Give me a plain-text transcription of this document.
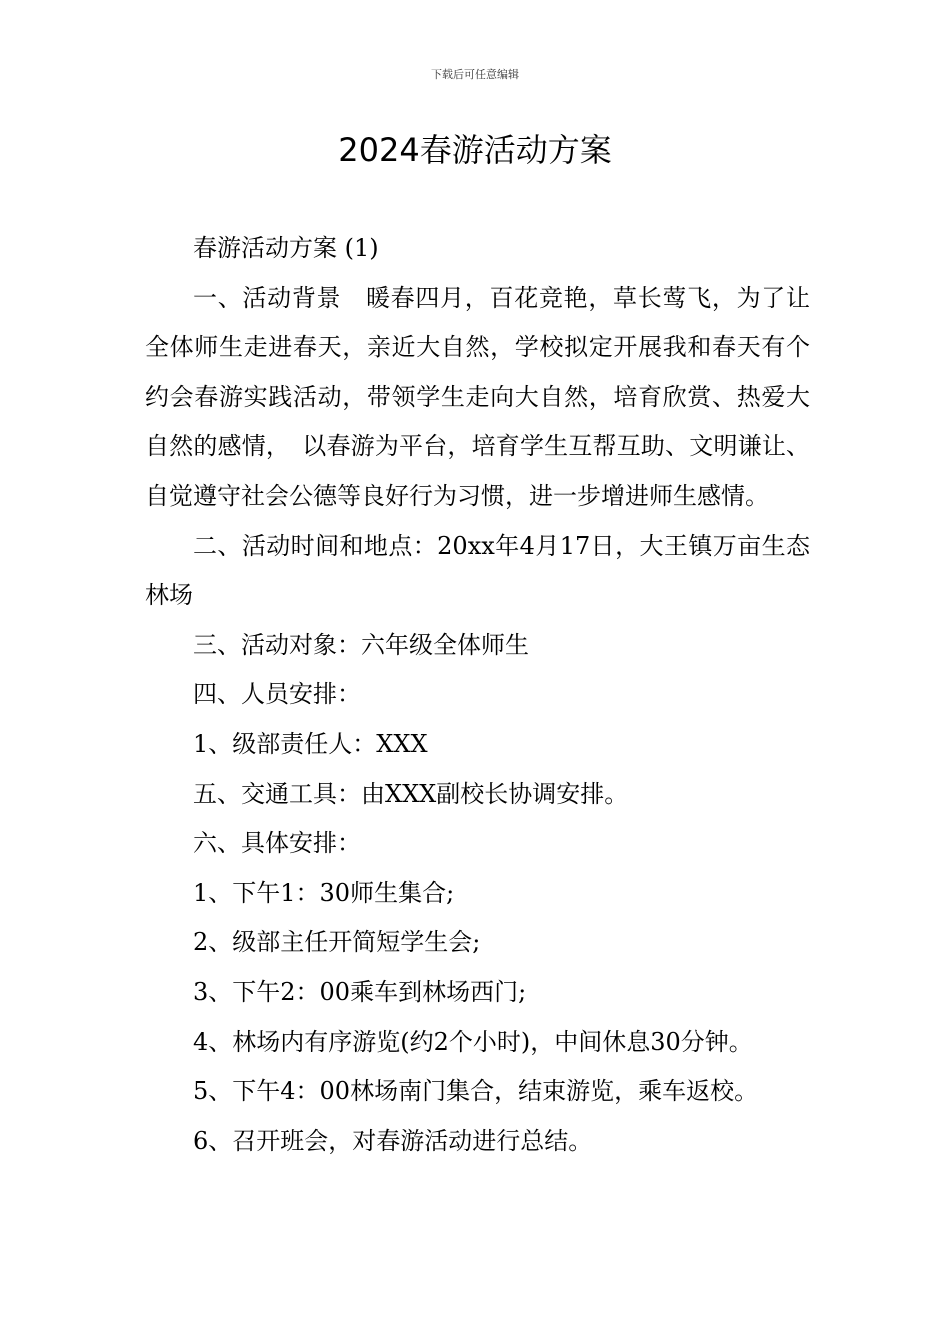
下载后可任意编辑
2024春游活动方案

春游活动方案 (1)

一、活动背景　暖春四月，百花竞艳，草长莺飞，为了让全体师生走进春天，亲近大自然，学校拟定开展我和春天有个约会春游实践活动，带领学生走向大自然，培育欣赏、热爱大自然的感情，　以春游为平台，培育学生互帮互助、文明谦让、自觉遵守社会公德等良好行为习惯，进一步增进师生感情。

二、活动时间和地点：20xx年4月17日，大王镇万亩生态林场

三、活动对象：六年级全体师生

四、人员安排：

1、级部责任人：XXX

五、交通工具：由XXX副校长协调安排。

六、具体安排：

1、下午1：30师生集合;

2、级部主任开简短学生会;

3、下午2：00乘车到林场西门;

4、林场内有序游览(约2个小时)，中间休息30分钟。

5、下午4：00林场南门集合，结束游览，乘车返校。

6、召开班会，对春游活动进行总结。
